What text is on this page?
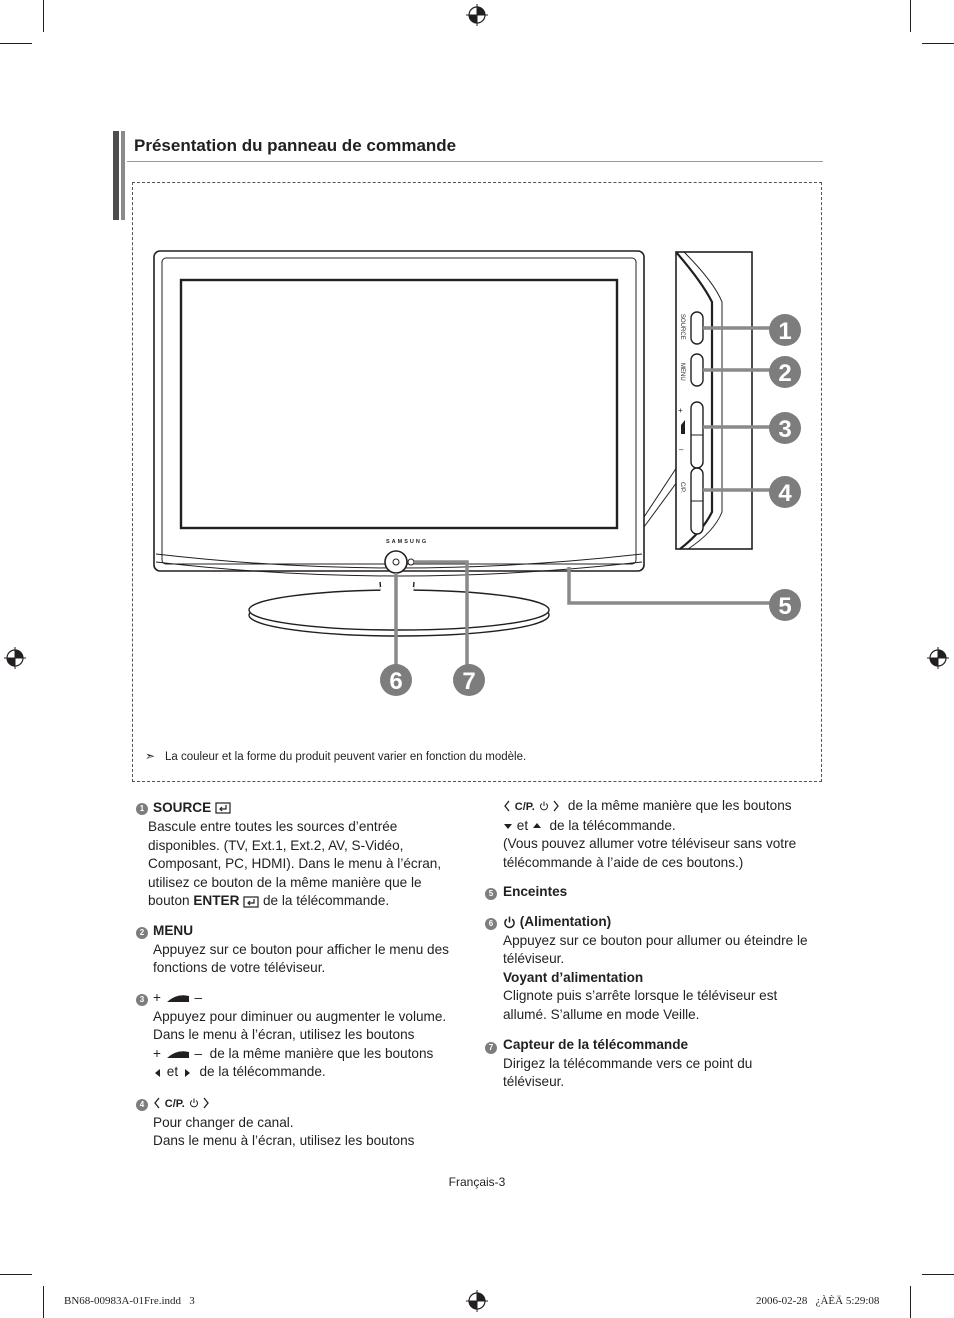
Présentation du panneau de commande
SAMSUNG
SOURCE
MENU
+
–
C/P.
1
2
3
4
5
6 7
➣ La couleur et la forme du produit peuvent varier en fonction du modèle.
1 SOURCE
Bascule entre toutes les sources d’entrée
disponibles. (TV, Ext.1, Ext.2, AV, S-Vidéo,
Composant, PC, HDMI). Dans le menu à l’écran,
utilisez ce bouton de la même manière que le
bouton ENTER de la télécommande.
2 MENU
Appuyez sur ce bouton pour afficher le menu des
fonctions de votre téléviseur.
3 + –
Appuyez pour diminuer ou augmenter le volume.
Dans le menu à l’écran, utilisez les boutons
+ – de la même manière que les boutons
et de la télécommande.
4	C/P.
Pour changer de canal.
Dans le menu à l’écran, utilisez les boutons
C/P. de la même manière que les boutons
et de la télécommande.
(Vous pouvez allumer votre téléviseur sans votre
télécommande à l’aide de ces boutons.)
5 Enceintes
6	(Alimentation)
Appuyez sur ce bouton pour allumer ou éteindre le
téléviseur.
Voyant d’alimentation
Clignote puis s’arrête lorsque le téléviseur est
allumé. S’allume en mode Veille.
7 Capteur de la télécommande
Dirigez la télécommande vers ce point du
téléviseur.
Français-3
BN68-00983A-01Fre.indd   3	2006-02-28   ¿ÀÈÄ 5:29:08
